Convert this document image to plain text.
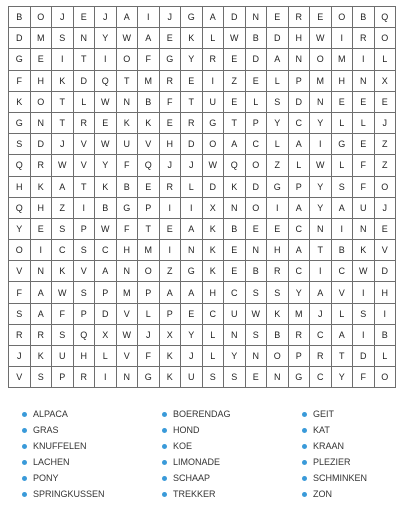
B	O	J	E	J	A	I	J	G	A	D	N	E	R	E	O	B	Q
D	M	S	N	Y	W	A	E	K	L	W	B	D	H	W	I	R	O
G	E	I	T	I	O	F	G	Y	R	E	D	A	N	O	M	I	L
F	H	K	D	Q	T	M	R	E	I	Z	E	L	P	M	H	N	X
K	O	T	L	W	N	B	F	T	U	E	L	S	D	N	E	E	E
G	N	T	R	E	K	K	E	R	G	T	P	Y	C	Y	L	L	J
S	D	J	V	W	U	V	H	D	O	A	C	L	A	I	G	E	Z
Q	R	W	V	Y	F	Q	J	J	W	Q	O	Z	L	W	L	F	Z
H	K	A	T	K	B	E	R	L	D	K	D	G	P	Y	S	F	O
Q	H	Z	I	B	G	P	I	I	X	N	O	I	A	Y	A	U	J
Y	E	S	P	W	F	T	E	A	K	B	E	E	C	N	I	N	E
O	I	C	S	C	H	M	I	N	K	E	N	H	A	T	B	K	V
V	N	K	V	A	N	O	Z	G	K	E	B	R	C	I	C	W	D
F	A	W	S	P	M	P	A	A	H	C	S	S	Y	A	V	I	H
S	A	F	P	D	V	L	P	E	C	U	W	K	M	J	L	S	I
R	R	S	Q	X	W	J	X	Y	L	N	S	B	R	C	A	I	B
J	K	U	H	L	V	F	K	J	L	Y	N	O	P	R	T	D	L
V	S	P	R	I	N	G	K	U	S	S	E	N	G	C	Y	F	O
ALPACA
GRAS
KNUFFELEN
LACHEN
PONY
SPRINGKUSSEN
BOERENDAG
HOND
KOE
LIMONADE
SCHAAP
TREKKER
GEIT
KAT
KRAAN
PLEZIER
SCHMINKEN
ZON
